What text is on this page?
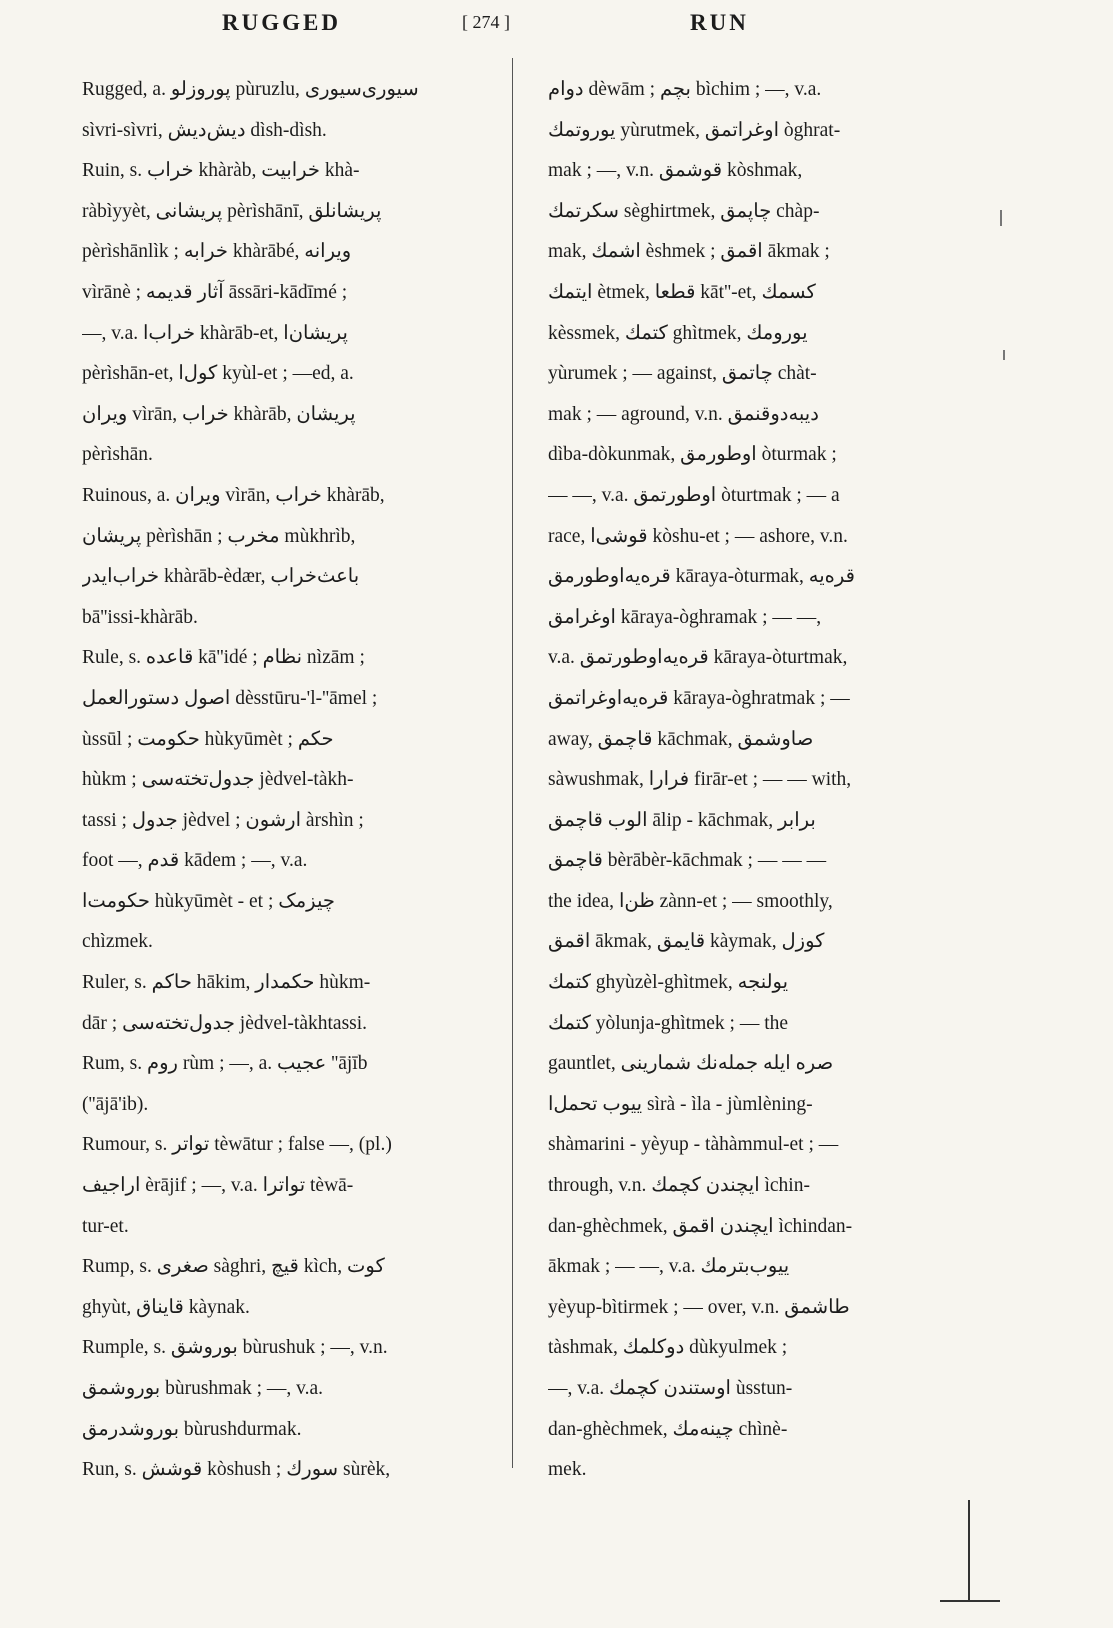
RUGGED	[ 274 ]	RUN
Rugged, a. پوروزلو pùruzlu, سیوری‌سیوری
sìvri-sìvri, دیش‌دیش dìsh-dìsh.
Ruin, s. خراب khàràb, خرابیت khà-
ràbìyyèt, پریشانی pèrìshānī, پریشانلق
pèrìshānlìk ; خرابه khàrābé, ویرانه
vìrānè ; آثار قدیمه āssāri-kādīmé ;
—, v.a. خراب‌ا khàrāb-et, پریشان‌ا
pèrìshān-et, کول‌ا kyùl-et ; —ed, a.
ویران vìrān, خراب khàrāb, پریشان
pèrìshān.
Ruinous, a. ویران vìrān, خراب khàrāb,
پریشان pèrìshān ; مخرب mùkhrìb,
خراب‌ایدر khàrāb-èdær, باعث‌خراب
bā''issi-khàrāb.
Rule, s. قاعده kā''idé ; نظام nìzām ;
اصول دستورالعمل dèsstūru-'l-''āmel ;
ùssūl ; حکومت hùkyūmèt ; حکم
hùkm ; جدول‌تخته‌سی jèdvel-tàkh-
tassi ; جدول jèdvel ; ارشون àrshìn ;
foot —, قدم kādem ; —, v.a.
حکومت‌ا hùkyūmèt - et ; چیزمک
chìzmek.
Ruler, s. حاکم hākim, حکمدار hùkm-
dār ; جدول‌تخته‌سی jèdvel-tàkhtassi.
Rum, s. روم rùm ; —, a. عجیب ''ājīb
(''ājā'ib).
Rumour, s. تواتر tèwātur ; false —, (pl.)
اراجیف èrājif ; —, v.a. تواترا tèwā-
tur-et.
Rump, s. صغری sàghri, قیچ kìch, کوت
ghyùt, قایناق kàynak.
Rumple, s. بوروشق bùrushuk ; —, v.n.
بوروشمق bùrushmak ; —, v.a.
بوروشدرمق bùrushdurmak.
Run, s. قوشش kòshush ; سورك sùrèk,
دوام dèwām ; بچم bìchim ; —, v.a.
یوروتمك yùrutmek, اوغراتمق òghrat-
mak ; —, v.n. قوشمق kòshmak,
سکرتمك sèghirtmek, چاپمق chàp-
mak, اشمك èshmek ; اقمق ākmak ;
ایتمك ètmek, قطعا kāt''-et, کسمك
kèssmek, کتمك ghìtmek, یورومك
yùrumek ; — against, چاتمق chàt-
mak ; — aground, v.n. دیبه‌دوقنمق
dìba-dòkunmak, اوطورمق òturmak ;
— —, v.a. اوطورتمق òturtmak ; — a
race, قوشی‌ا kòshu-et ; — ashore, v.n.
قرەیه‌اوطورمق kāraya-òturmak, قرەیه
اوغرامق kāraya-òghramak ; — —,
v.a. قرەیه‌اوطورتمق kāraya-òturtmak,
قرەیه‌اوغراتمق kāraya-òghratmak ; —
away, قاچمق kāchmak, صاوشمق
sàwushmak, فرارا firār-et ; — — with,
الوب قاچمق ālip - kāchmak, برابر
قاچمق bèrābèr-kāchmak ; — — —
the idea, ظن‌ا zànn-et ; — smoothly,
اقمق ākmak, قایمق kàymak, کوزل
کتمك ghyùzèl-ghìtmek, یولنجه
کتمك yòlunja-ghìtmek ; — the
gauntlet, صره ایله جمله‌نك شمارینی
ییوب تحمل‌ا sìrà - ìla - jùmlèning-
shàmarini - yèyup - tàhàmmul-et ; —
through, v.n. ایچندن کچمك ìchin-
dan-ghèchmek, ایچندن اقمق ìchindan-
ākmak ; — —, v.a. ییوب‌بترمك
yèyup-bìtirmek ; — over, v.n. طاشمق
tàshmak, دوکلمك dùkyulmek ;
—, v.a. اوستندن کچمك ùsstun-
dan-ghèchmek, چینەمك chìnè-
mek.
